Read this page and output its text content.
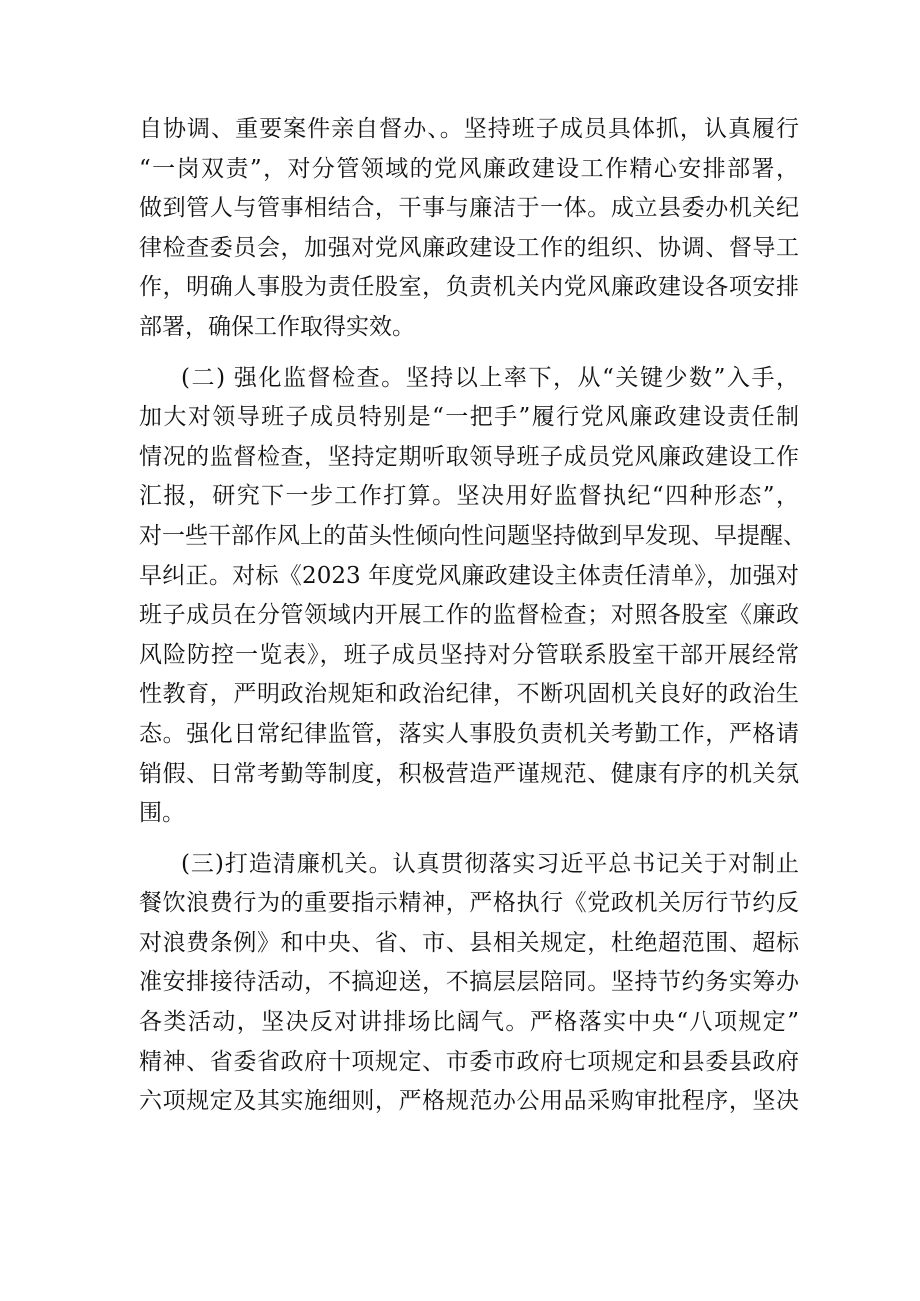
自协调、重要案件亲自督办、。坚持班子成员具体抓，认真履行
“一岗双责”，对分管领域的党风廉政建设工作精心安排部署，
做到管人与管事相结合，干事与廉洁于一体。成立县委办机关纪
律检查委员会，加强对党风廉政建设工作的组织、协调、督导工
作，明确人事股为责任股室，负责机关内党风廉政建设各项安排
部署，确保工作取得实效。
(二) 强化监督检查。坚持以上率下，从“关键少数”入手，
加大对领导班子成员特别是“一把手”履行党风廉政建设责任制
情况的监督检查，坚持定期听取领导班子成员党风廉政建设工作
汇报，研究下一步工作打算。坚决用好监督执纪“四种形态”，
对一些干部作风上的苗头性倾向性问题坚持做到早发现、早提醒、
早纠正。对标《2023 年度党风廉政建设主体责任清单》，加强对
班子成员在分管领域内开展工作的监督检查；对照各股室《廉政
风险防控一览表》，班子成员坚持对分管联系股室干部开展经常
性教育，严明政治规矩和政治纪律，不断巩固机关良好的政治生
态。强化日常纪律监管，落实人事股负责机关考勤工作，严格请
销假、日常考勤等制度，积极营造严谨规范、健康有序的机关氛
围。
(三)打造清廉机关。认真贯彻落实习近平总书记关于对制止
餐饮浪费行为的重要指示精神，严格执行《党政机关厉行节约反
对浪费条例》和中央、省、市、县相关规定，杜绝超范围、超标
准安排接待活动，不搞迎送，不搞层层陪同。坚持节约务实筹办
各类活动，坚决反对讲排场比阔气。严格落实中央“八项规定”
精神、省委省政府十项规定、市委市政府七项规定和县委县政府
六项规定及其实施细则，严格规范办公用品采购审批程序，坚决
